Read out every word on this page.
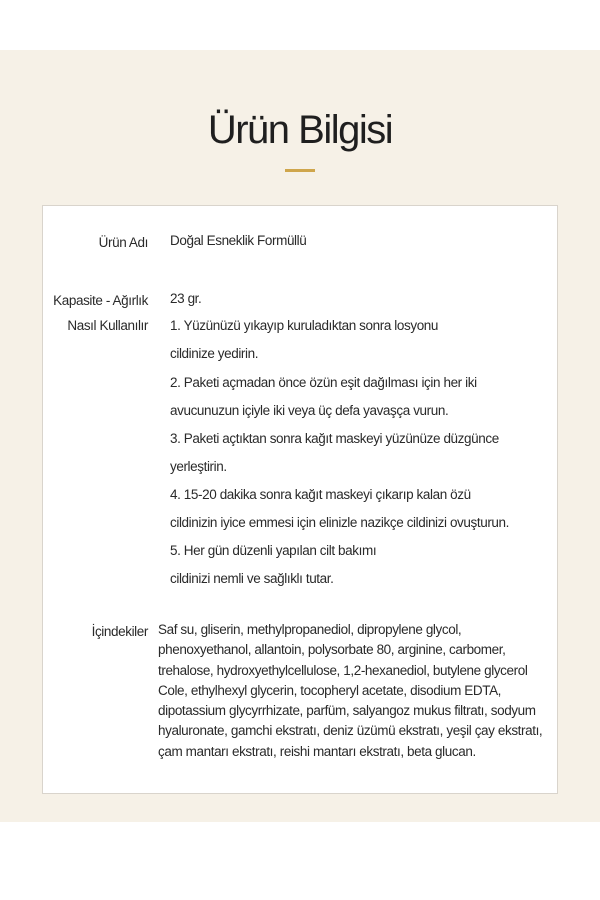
Ürün Bilgisi
Ürün Adı Doğal Esneklik Formüllü
Kapasite - Ağırlık
Nasıl Kullanılır
23 gr.
1. Yüzünüzü yıkayıp kuruladıktan sonra losyonu
cildinize yedirin.
2. Paketi açmadan önce özün eşit dağılması için her iki
avucunuzun içiyle iki veya üç defa yavaşça vurun.
3. Paketi açtıktan sonra kağıt maskeyi yüzünüze düzgünce
yerleştirin.
4. 15-20 dakika sonra kağıt maskeyi çıkarıp kalan özü
cildinizin iyice emmesi için elinizle nazikçe cildinizi ovuşturun.
5. Her gün düzenli yapılan cilt bakımı
cildinizi nemli ve sağlıklı tutar.
İçindekiler Saf su, gliserin, methylpropanediol, dipropylene glycol, phenoxyethanol, allantoin, polysorbate 80, arginine, carbomer, trehalose, hydroxyethylcellulose, 1,2-hexanediol, butylene glycerol Cole, ethylhexyl glycerin, tocopheryl acetate, disodium EDTA, dipotassium glycyrrhizate, parfüm, salyangoz mukus filtratı, sodyum hyaluronate, gamchi ekstratı, deniz üzümü ekstratı, yeşil çay ekstratı, çam mantarı ekstratı, reishi mantarı ekstratı, beta glucan.
